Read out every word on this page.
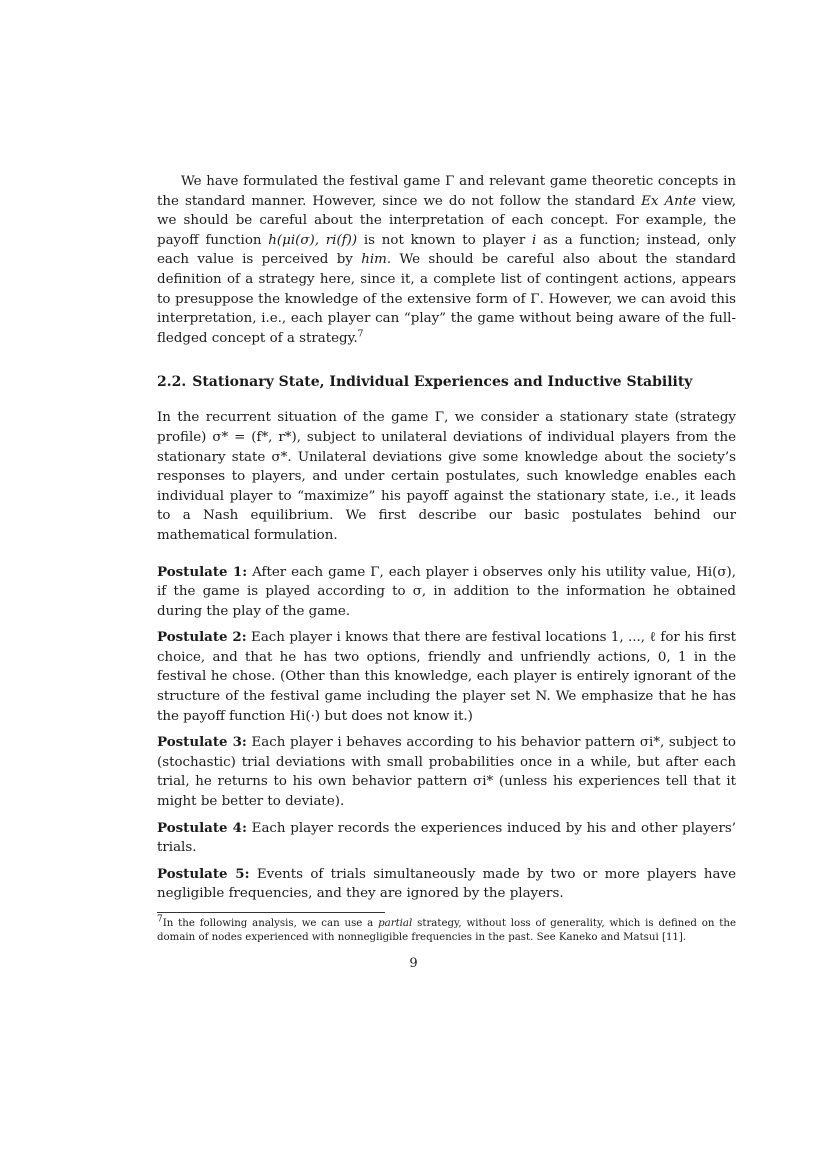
We have formulated the festival game Γ and relevant game theoretic concepts in the standard manner. However, since we do not follow the standard Ex Ante view, we should be careful about the interpretation of each concept. For example, the payoff function h(μi(σ), ri(f)) is not known to player i as a function; instead, only each value is perceived by him. We should be careful also about the standard definition of a strategy here, since it, a complete list of contingent actions, appears to presuppose the knowledge of the extensive form of Γ. However, we can avoid this interpretation, i.e., each player can “play” the game without being aware of the full-fledged concept of a strategy.$^7$

2.2. Stationary State, Individual Experiences and Inductive Stability

In the recurrent situation of the game Γ, we consider a stationary state (strategy profile) σ* = (f*, r*), subject to unilateral deviations of individual players from the stationary state σ*. Unilateral deviations give some knowledge about the society’s responses to players, and under certain postulates, such knowledge enables each individual player to “maximize” his payoff against the stationary state, i.e., it leads to a Nash equilibrium. We first describe our basic postulates behind our mathematical formulation.

Postulate 1: After each game Γ, each player i observes only his utility value, Hi(σ), if the game is played according to σ, in addition to the information he obtained during the play of the game.

Postulate 2: Each player i knows that there are festival locations 1, ..., ℓ for his first choice, and that he has two options, friendly and unfriendly actions, 0, 1 in the festival he chose. (Other than this knowledge, each player is entirely ignorant of the structure of the festival game including the player set N. We emphasize that he has the payoff function Hi(·) but does not know it.)

Postulate 3: Each player i behaves according to his behavior pattern σi*, subject to (stochastic) trial deviations with small probabilities once in a while, but after each trial, he returns to his own behavior pattern σi* (unless his experiences tell that it might be better to deviate).

Postulate 4: Each player records the experiences induced by his and other players’ trials.

Postulate 5: Events of trials simultaneously made by two or more players have negligible frequencies, and they are ignored by the players.

$^7$In the following analysis, we can use a partial strategy, without loss of generality, which is defined on the domain of nodes experienced with nonnegligible frequencies in the past. See Kaneko and Matsui [11].

9
